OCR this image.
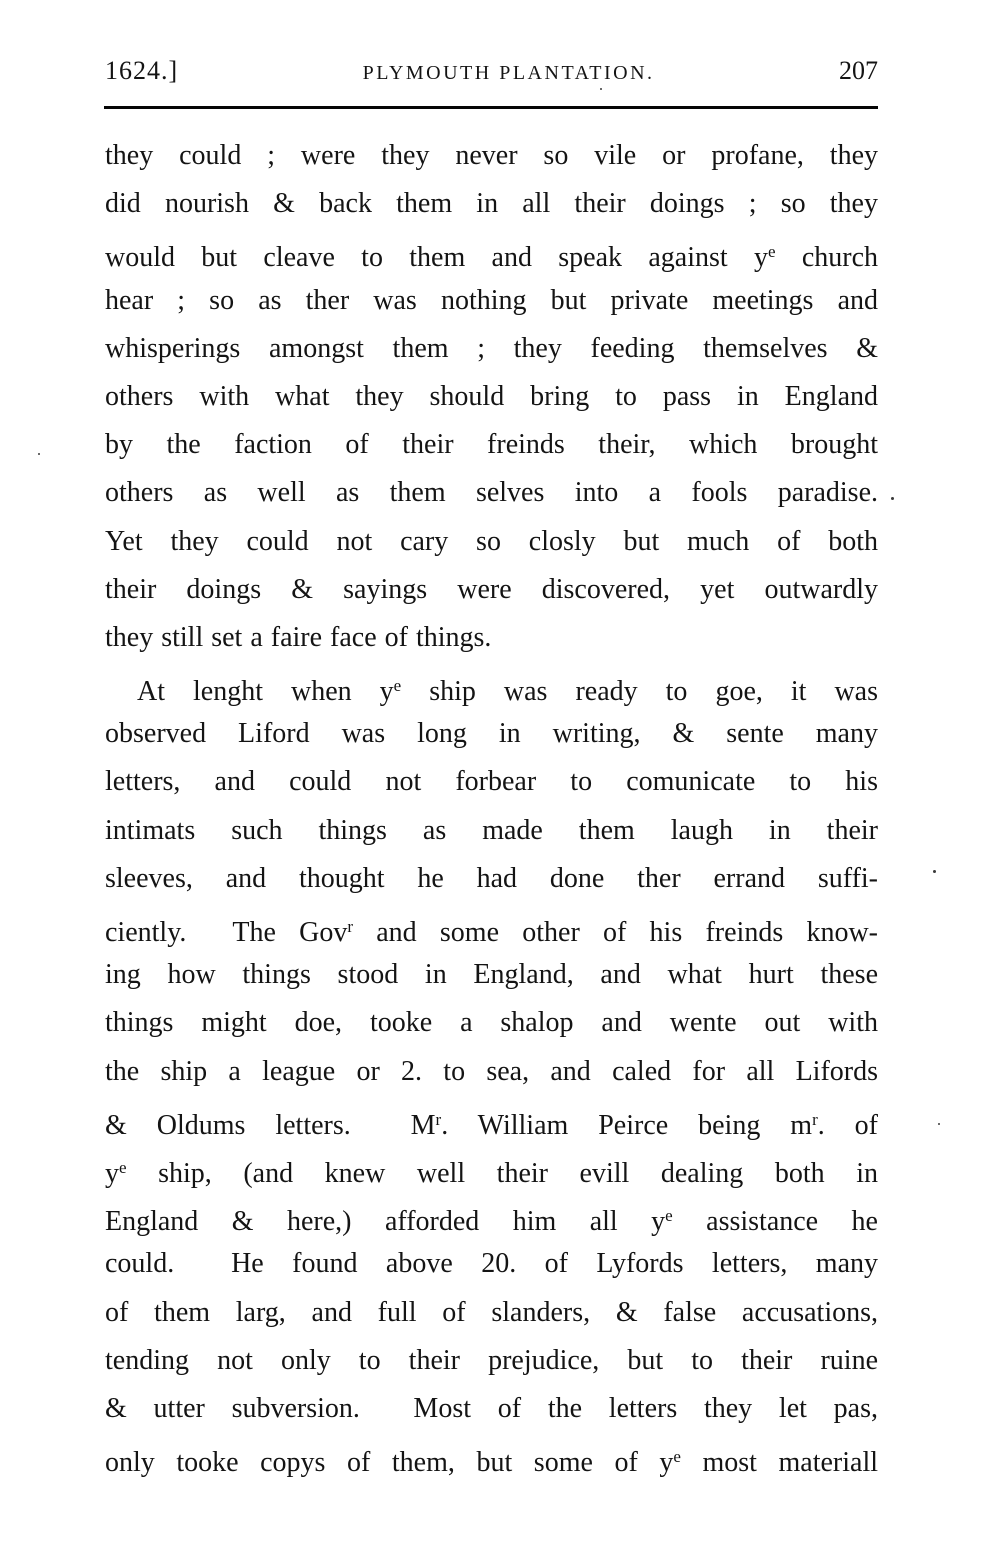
1624.]	PLYMOUTH PLANTATION.	207
they could ; were they never so vile or profane, they
did nourish & back them in all their doings ; so they
would but cleave to them and speak against $y^e$ church
hear ; so as ther was nothing but private meetings and
whisperings amongst them ; they feeding themselves &
others with what they should bring to pass in England
by the faction of their freinds their, which brought
others as well as them selves into a fools paradise.
Yet they could not cary so closly but much of both
their doings & sayings were discovered, yet outwardly
they still set a faire face of things.
At lenght when $y^e$ ship was ready to goe, it was
observed Liford was long in writing, & sente many
letters, and could not forbear to comunicate to his
intimats such things as made them laugh in their
sleeves, and thought he had done ther errand suffi-
ciently.  The Gov$^r$ and some other of his freinds know-
ing how things stood in England, and what hurt these
things might doe, tooke a shalop and wente out with
the ship a league or 2. to sea, and caled for all Lifords
& Oldums letters.  $M^r$. William Peirce being $m^r$. of
$y^e$ ship, (and knew well their evill dealing both in
England & here,) afforded him all $y^e$ assistance he
could.  He found above 20. of Lyfords letters, many
of them larg, and full of slanders, & false accusations,
tending not only to their prejudice, but to their ruine
& utter subversion.  Most of the letters they let pas,
only tooke copys of them, but some of $y^e$ most materiall
